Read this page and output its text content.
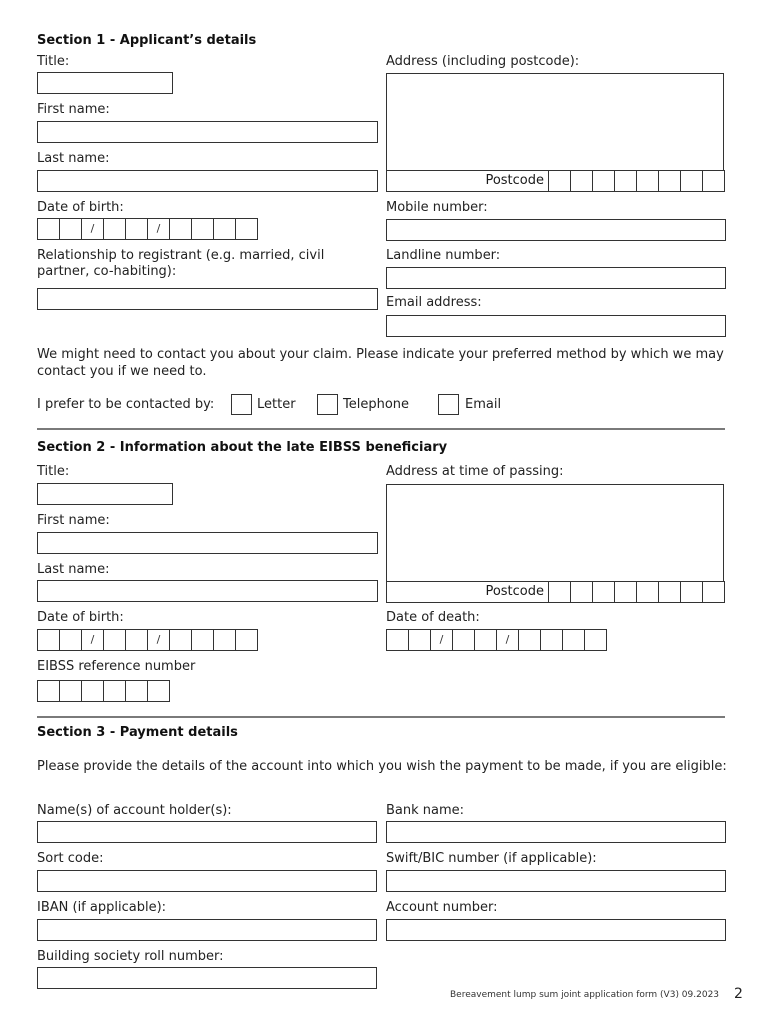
Section 1 - Applicant’s details
Title:
First name:
Last name:
Date of birth:
/	/
Relationship to registrant (e.g. married, civil partner, co-habiting):
Address (including postcode):
Postcode
Mobile number:
Landline number:
Email address:
We might need to contact you about your claim. Please indicate your preferred method by which we may contact you if we need to.
I prefer to be contacted by:	Letter	Telephone	Email
Section 2 - Information about the late EIBSS beneficiary
Title:
First name:
Last name:
Date of birth:
/	/
EIBSS reference number
Address at time of passing:
Postcode
Date of death:
/	/
Section 3 - Payment details
Please provide the details of the account into which you wish the payment to be made, if you are eligible:
Name(s) of account holder(s):	Bank name:
Sort code:	Swift/BIC number (if applicable):
IBAN (if applicable):	Account number:
Building society roll number:
Bereavement lump sum joint application form (V3) 09.2023 2
